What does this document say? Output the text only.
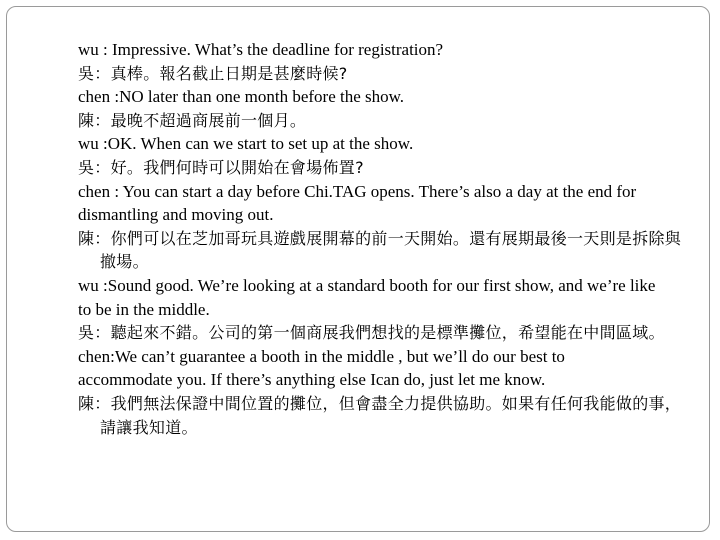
wu : Impressive. What’s the deadline for registration?

吳：真棒。報名截止日期是甚麼時候?

chen :NO later than one month before the show.

陳：最晚不超過商展前一個月。

wu :OK. When can we start to set up at the show.

吳：好。我們何時可以開始在會場佈置?

chen : You can start a day before Chi.TAG opens. There’s also a day at the end for

dismantling and moving out.

陳：你們可以在芝加哥玩具遊戲展開幕的前一天開始。還有展期最後一天則是拆除與撤場。

wu :Sound good. We’re looking at a standard booth for our first show, and we’re like

to be in the middle.

吳：聽起來不錯。公司的第一個商展我們想找的是標準攤位，希望能在中間區域。

chen:We can’t guarantee a booth in the middle , but we’ll do our best to

accommodate you. If there’s anything else Ican do, just let me know.

陳：我們無法保證中間位置的攤位，但會盡全力提供協助。如果有任何我能做的事，請讓我知道。
